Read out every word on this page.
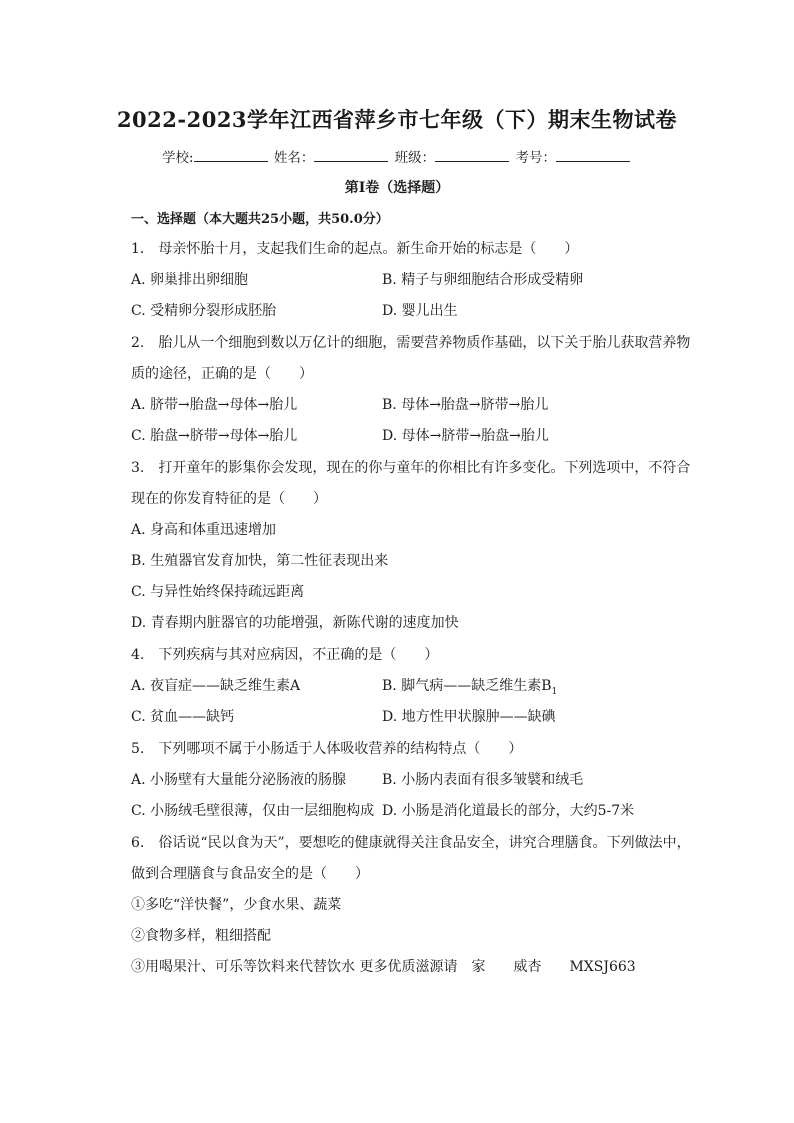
2022-2023学年江西省萍乡市七年级（下）期末生物试卷
学校:	姓名：	班级：	考号：
第Ⅰ卷（选择题）
一、选择题（本大题共25小题，共50.0分）
1.　母亲怀胎十月，支起我们生命的起点。新生命开始的标志是（　　）
A. 卵巢排出卵细胞	B. 精子与卵细胞结合形成受精卵
C. 受精卵分裂形成胚胎	D. 婴儿出生
2.　胎儿从一个细胞到数以万亿计的细胞，需要营养物质作基础，以下关于胎儿获取营养物
质的途径，正确的是（　　）
A. 脐带→胎盘→母体→胎儿	B. 母体→胎盘→脐带→胎儿
C. 胎盘→脐带→母体→胎儿	D. 母体→脐带→胎盘→胎儿
3.　打开童年的影集你会发现，现在的你与童年的你相比有许多变化。下列选项中，不符合
现在的你发育特征的是（　　）
A. 身高和体重迅速增加
B. 生殖器官发育加快，第二性征表现出来
C. 与异性始终保持疏远距离
D. 青春期内脏器官的功能增强，新陈代谢的速度加快
4.　下列疾病与其对应病因，不正确的是（　　）
A. 夜盲症——缺乏维生素A	B. 脚气病——缺乏维生素$B_1$
C. 贫血——缺钙	D. 地方性甲状腺肿——缺碘
5.　下列哪项不属于小肠适于人体吸收营养的结构特点（　　）
A. 小肠壁有大量能分泌肠液的肠腺	B. 小肠内表面有很多皱襞和绒毛
C. 小肠绒毛壁很薄，仅由一层细胞构成 D. 小肠是消化道最长的部分，大约5-7米
6.　俗话说“民以食为天”，要想吃的健康就得关注食品安全，讲究合理膳食。下列做法中，
做到合理膳食与食品安全的是（　　）
①多吃“洋快餐”，少食水果、蔬菜
②食物多样，粗细搭配
③用喝果汁、可乐等饮料来代替饮水 更多优质滋源请　家　　威杏　　MXSJ663
